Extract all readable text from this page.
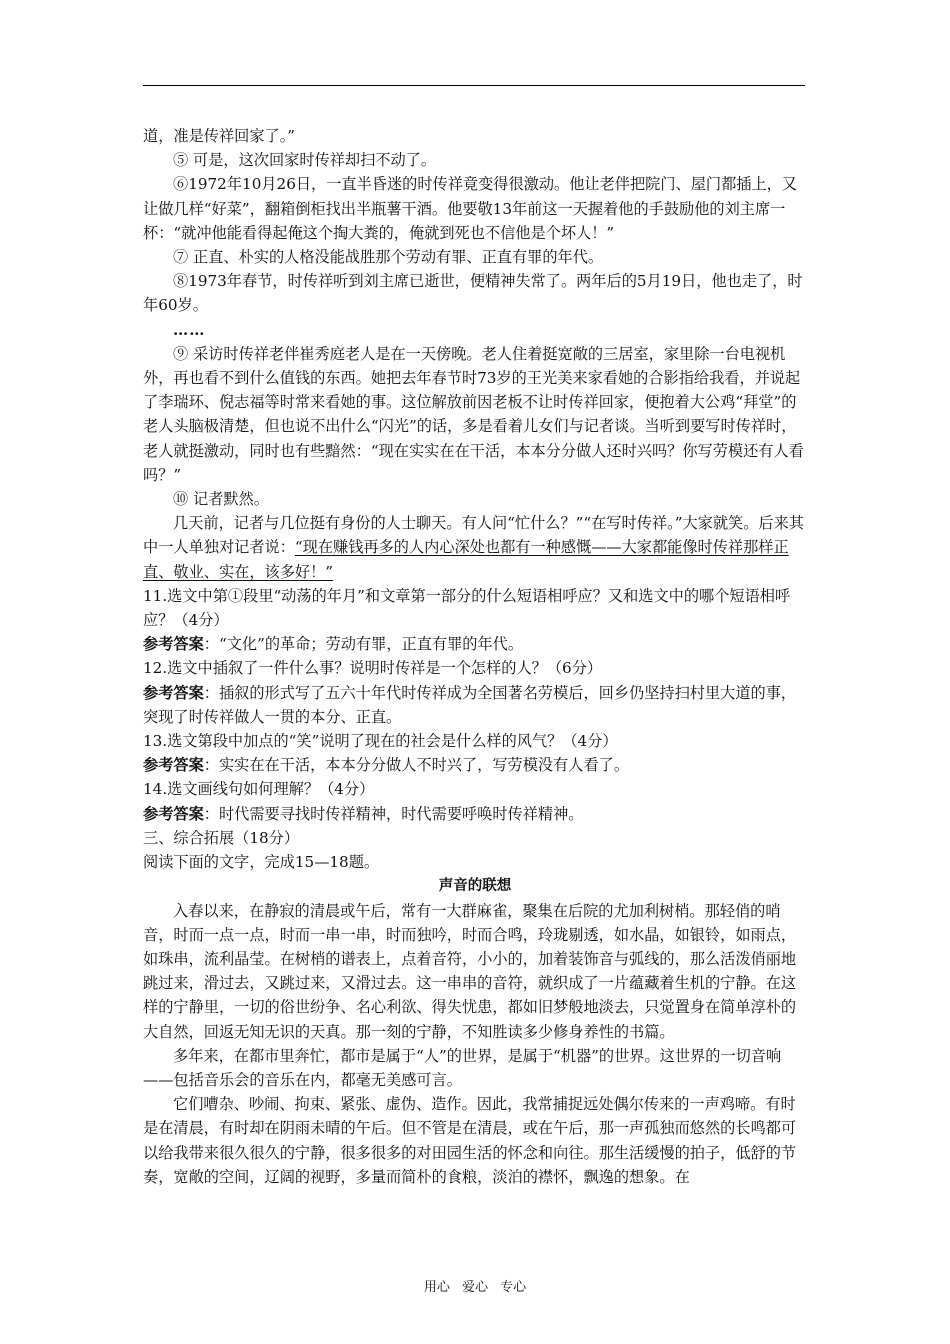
道，准是传祥回家了。”

⑤ 可是，这次回家时传祥却扫不动了。

⑥1972年10月26日，一直半昏迷的时传祥竟变得很激动。他让老伴把院门、屋门都插上，又让做几样“好菜”，翻箱倒柜找出半瓶薯干酒。他要敬13年前这一天握着他的手鼓励他的刘主席一杯：“就冲他能看得起俺这个掏大粪的，俺就到死也不信他是个坏人！”

⑦ 正直、朴实的人格没能战胜那个劳动有罪、正直有罪的年代。

⑧1973年春节，时传祥听到刘主席已逝世，便精神失常了。两年后的5月19日，他也走了，时年60岁。

……

⑨ 采访时传祥老伴崔秀庭老人是在一天傍晚。老人住着挺宽敞的三居室，家里除一台电视机外，再也看不到什么值钱的东西。她把去年春节时73岁的王光美来家看她的合影指给我看，并说起了李瑞环、倪志福等时常来看她的事。这位解放前因老板不让时传祥回家，便抱着大公鸡“拜堂”的老人头脑极清楚，但也说不出什么“闪光”的话，多是看着儿女们与记者谈。当听到要写时传祥时，老人就挺激动，同时也有些黯然：“现在实实在在干活，本本分分做人还时兴吗？你写劳模还有人看吗？”

⑩ 记者默然。

几天前，记者与几位挺有身份的人士聊天。有人问“忙什么？”“在写时传祥。”大家就笑。后来其中一人单独对记者说：“现在赚钱再多的人内心深处也都有一种感慨——大家都能像时传祥那样正直、敬业、实在，该多好！”

11.选文中第①段里“动荡的年月”和文章第一部分的什么短语相呼应？又和选文中的哪个短语相呼应？（4分）

参考答案：“文化”的革命；劳动有罪，正直有罪的年代。

12.选文中插叙了一件什么事？说明时传祥是一个怎样的人？（6分）

参考答案：插叙的形式写了五六十年代时传祥成为全国著名劳模后，回乡仍坚持扫村里大道的事，突现了时传祥做人一贯的本分、正直。

13.选文第段中加点的“笑”说明了现在的社会是什么样的风气？（4分）

参考答案：实实在在干活，本本分分做人不时兴了，写劳模没有人看了。

14.选文画线句如何理解？（4分）

参考答案：时代需要寻找时传祥精神，时代需要呼唤时传祥精神。

三、综合拓展（18分）

阅读下面的文字，完成15—18题。

声音的联想

入春以来，在静寂的清晨或午后，常有一大群麻雀，聚集在后院的尤加利树梢。那轻俏的哨音，时而一点一点，时而一串一串，时而独吟，时而合鸣，玲珑剔透，如水晶，如银铃，如雨点，如珠串，流利晶莹。在树梢的谱表上，点着音符，小小的，加着装饰音与弧线的，那么活泼俏丽地跳过来，滑过去，又跳过来，又滑过去。这一串串的音符，就织成了一片蕴藏着生机的宁静。在这样的宁静里，一切的俗世纷争、名心利欲、得失忧患，都如旧梦般地淡去，只觉置身在简单淳朴的大自然，回返无知无识的天真。那一刻的宁静，不知胜读多少修身养性的书篇。

多年来，在都市里奔忙，都市是属于“人”的世界，是属于“机器”的世界。这世界的一切音响——包括音乐会的音乐在内，都毫无美感可言。

它们嘈杂、吵闹、拘束、紧张、虚伪、造作。因此，我常捕捉远处偶尔传来的一声鸡啼。有时是在清晨，有时却在阴雨未晴的午后。但不管是在清晨，或在午后，那一声孤独而悠然的长鸣都可以给我带来很久很久的宁静，很多很多的对田园生活的怀念和向往。那生活缓慢的拍子，低舒的节奏，宽敞的空间，辽阔的视野，多量而简朴的食粮，淡泊的襟怀，飘逸的想象。在

用心 爱心 专心
